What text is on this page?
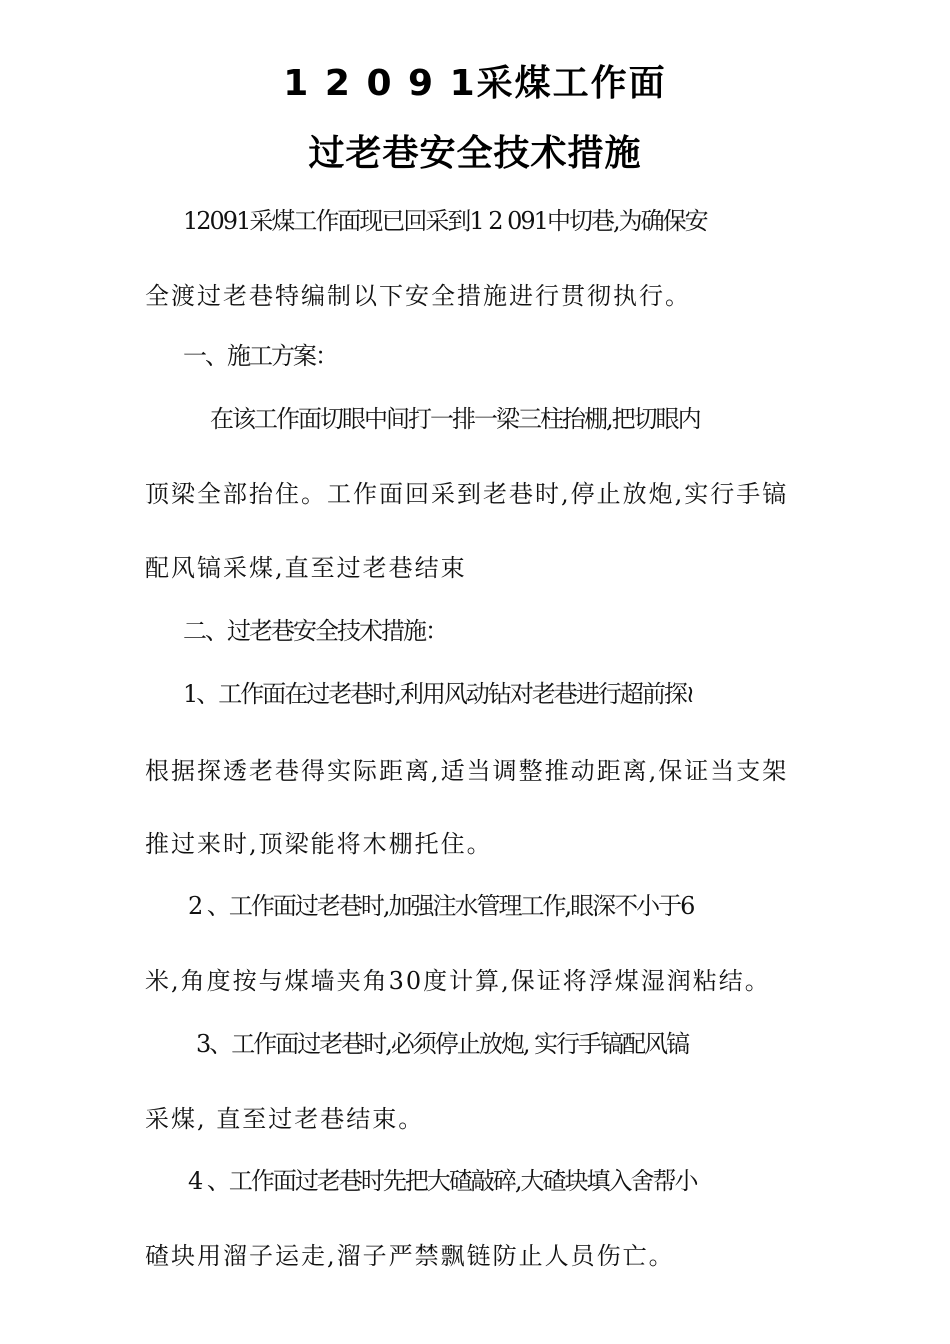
1 2 0 9 1采煤工作面
过老巷安全技术措施
12091采煤工作面现已回采到1 2 091中切巷,为确保安
全渡过老巷特编制以下安全措施进行贯彻执行。
一、施工方案：
在该工作面切眼中间打一排一梁三柱抬棚,把切眼内
顶梁全部抬住。工作面回采到老巷时,停止放炮,实行手镐
配风镐采煤,直至过老巷结束
二、过老巷安全技术措施：
1、工作面在过老巷时,利用风动钻对老巷进行超前探≀
根据探透老巷得实际距离,适当调整推动距离,保证当支架
推过来时,顶梁能将木棚托住。
2 、工作面过老巷时,加强注水管理工作,眼深不小于6
米,角度按与煤墙夹角30度计算,保证将浮煤湿润粘结。
3、工作面过老巷时,必须停止放炮, 实行手镐配风镐
采煤, 直至过老巷结束。
4 、工作面过老巷时先把大碴敲碎,大碴块填入舍帮小
碴块用溜子运走,溜子严禁飘链防止人员伤亡。
